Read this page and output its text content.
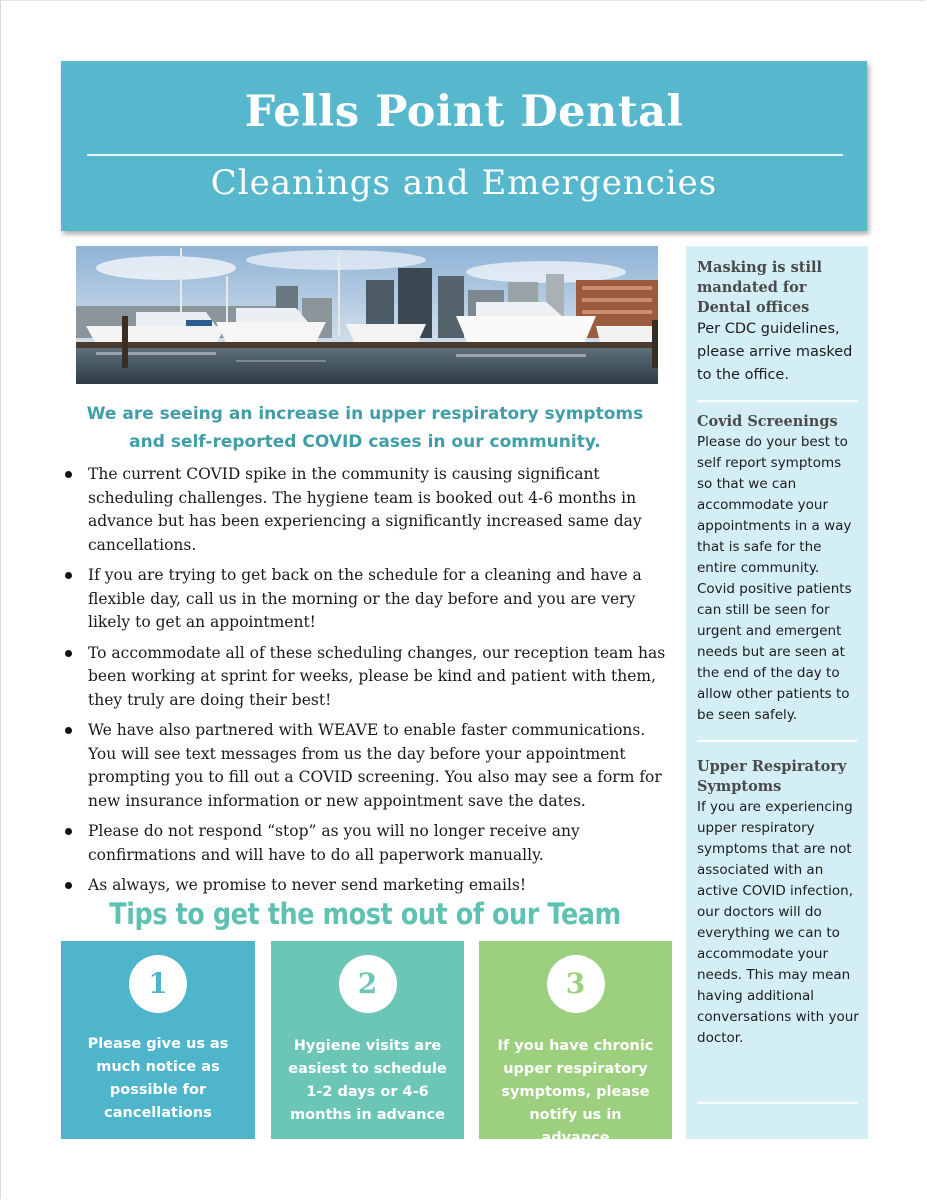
Fells Point Dental
Cleanings and Emergencies
We are seeing an increase in upper respiratory symptoms and self-reported COVID cases in our community.
The current COVID spike in the community is causing significant scheduling challenges. The hygiene team is booked out 4-6 months in advance but has been experiencing a significantly increased same day cancellations.
If you are trying to get back on the schedule for a cleaning and have a flexible day, call us in the morning or the day before and you are very likely to get an appointment!
To accommodate all of these scheduling changes, our reception team has been working at sprint for weeks, please be kind and patient with them, they truly are doing their best!
We have also partnered with WEAVE to enable faster communications. You will see text messages from us the day before your appointment prompting you to fill out a COVID screening. You also may see a form for new insurance information or new appointment save the dates.
Please do not respond “stop” as you will no longer receive any confirmations and will have to do all paperwork manually.
As always, we promise to never send marketing emails!
Tips to get the most out of our Team
1
Please give us as much notice as possible for cancellations
2
Hygiene visits are easiest to schedule 1-2 days or 4-6 months in advance
3
If you have chronic upper respiratory symptoms, please notify us in advance
Masking is still mandated for Dental offices
Per CDC guidelines, please arrive masked to the office.
Covid Screenings
Please do your best to self report symptoms so that we can accommodate your appointments in a way that is safe for the entire community. Covid positive patients can still be seen for urgent and emergent needs but are seen at the end of the day to allow other patients to be seen safely.
Upper Respiratory Symptoms
If you are experiencing upper respiratory symptoms that are not associated with an active COVID infection, our doctors will do everything we can to accommodate your needs. This may mean having additional conversations with your doctor.
